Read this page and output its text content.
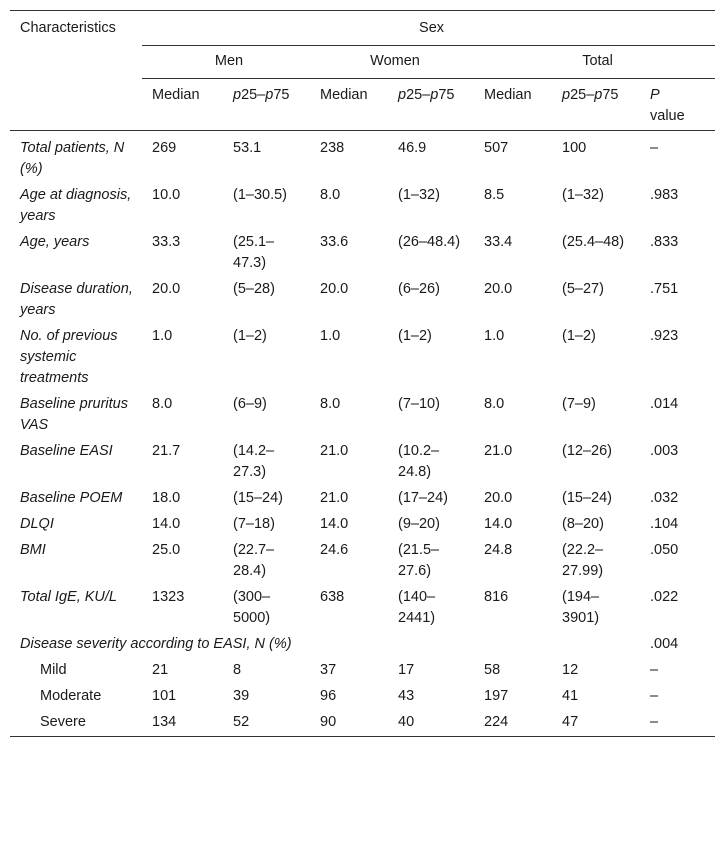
Characteristics	Sex						
	Men		Women		Total		
	Median	p25–p75	Median	p25–p75	Median	p25–p75	P
value
Total patients, N (%)	269	53.1	238	46.9	507	100	–
Age at diagnosis, years	10.0	(1–30.5)	8.0	(1–32)	8.5	(1–32)	.983
Age, years	33.3	(25.1–47.3)	33.6	(26–48.4)	33.4	(25.4–48)	.833
Disease duration, years	20.0	(5–28)	20.0	(6–26)	20.0	(5–27)	.751
No. of previous systemic treatments	1.0	(1–2)	1.0	(1–2)	1.0	(1–2)	.923
Baseline pruritus VAS	8.0	(6–9)	8.0	(7–10)	8.0	(7–9)	.014
Baseline EASI	21.7	(14.2–27.3)	21.0	(10.2–24.8)	21.0	(12–26)	.003
Baseline POEM	18.0	(15–24)	21.0	(17–24)	20.0	(15–24)	.032
DLQI	14.0	(7–18)	14.0	(9–20)	14.0	(8–20)	.104
BMI	25.0	(22.7–28.4)	24.6	(21.5–27.6)	24.8	(22.2–27.99)	.050
Total IgE, KU/L	1323	(300–5000)	638	(140–2441)	816	(194–3901)	.022
Disease severity according to EASI, N (%)							.004
Mild	21	8	37	17	58	12	–
Moderate	101	39	96	43	197	41	–
Severe	134	52	90	40	224	47	–
